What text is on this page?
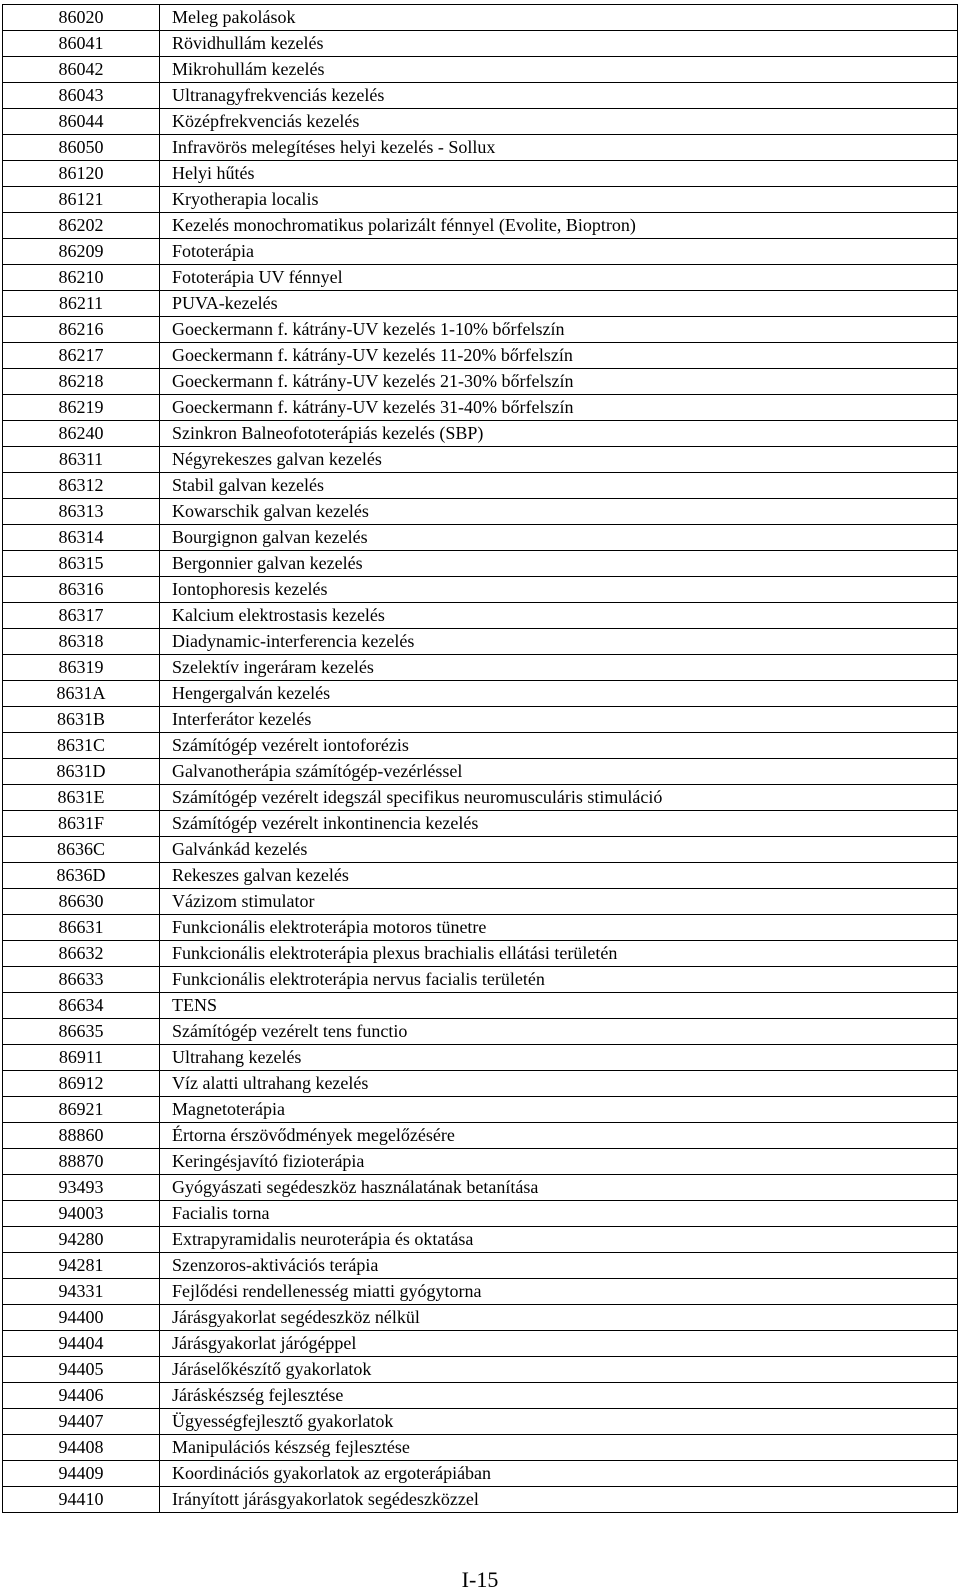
86020	Meleg pakolások
86041	Rövidhullám kezelés
86042	Mikrohullám kezelés
86043	Ultranagyfrekvenciás kezelés
86044	Középfrekvenciás kezelés
86050	Infravörös melegítéses helyi kezelés - Sollux
86120	Helyi hűtés
86121	Kryotherapia localis
86202	Kezelés monochromatikus polarizált fénnyel (Evolite, Bioptron)
86209	Fototerápia
86210	Fototerápia UV fénnyel
86211	PUVA-kezelés
86216	Goeckermann f. kátrány-UV kezelés 1-10% bőrfelszín
86217	Goeckermann f. kátrány-UV kezelés 11-20% bőrfelszín
86218	Goeckermann f. kátrány-UV kezelés 21-30% bőrfelszín
86219	Goeckermann f. kátrány-UV kezelés 31-40% bőrfelszín
86240	Szinkron Balneofototerápiás kezelés (SBP)
86311	Négyrekeszes galvan kezelés
86312	Stabil galvan kezelés
86313	Kowarschik galvan kezelés
86314	Bourgignon galvan kezelés
86315	Bergonnier galvan kezelés
86316	Iontophoresis kezelés
86317	Kalcium elektrostasis kezelés
86318	Diadynamic-interferencia kezelés
86319	Szelektív ingeráram kezelés
8631A	Hengergalván kezelés
8631B	Interferátor kezelés
8631C	Számítógép vezérelt iontoforézis
8631D	Galvanotherápia számítógép-vezérléssel
8631E	Számítógép vezérelt idegszál specifikus neuromusculáris stimuláció
8631F	Számítógép vezérelt inkontinencia kezelés
8636C	Galvánkád kezelés
8636D	Rekeszes galvan kezelés
86630	Vázizom stimulator
86631	Funkcionális elektroterápia motoros tünetre
86632	Funkcionális elektroterápia plexus brachialis ellátási területén
86633	Funkcionális elektroterápia nervus facialis területén
86634	TENS
86635	Számítógép vezérelt tens functio
86911	Ultrahang kezelés
86912	Víz alatti ultrahang kezelés
86921	Magnetoterápia
88860	Értorna érszövődmények megelőzésére
88870	Keringésjavító fizioterápia
93493	Gyógyászati segédeszköz használatának betanítása
94003	Facialis torna
94280	Extrapyramidalis neuroterápia és oktatása
94281	Szenzoros-aktivációs terápia
94331	Fejlődési rendellenesség miatti gyógytorna
94400	Járásgyakorlat segédeszköz nélkül
94404	Járásgyakorlat járógéppel
94405	Járáselőkészítő gyakorlatok
94406	Járáskészség fejlesztése
94407	Ügyességfejlesztő gyakorlatok
94408	Manipulációs készség fejlesztése
94409	Koordinációs gyakorlatok az ergoterápiában
94410	Irányított járásgyakorlatok segédeszközzel
I-15
